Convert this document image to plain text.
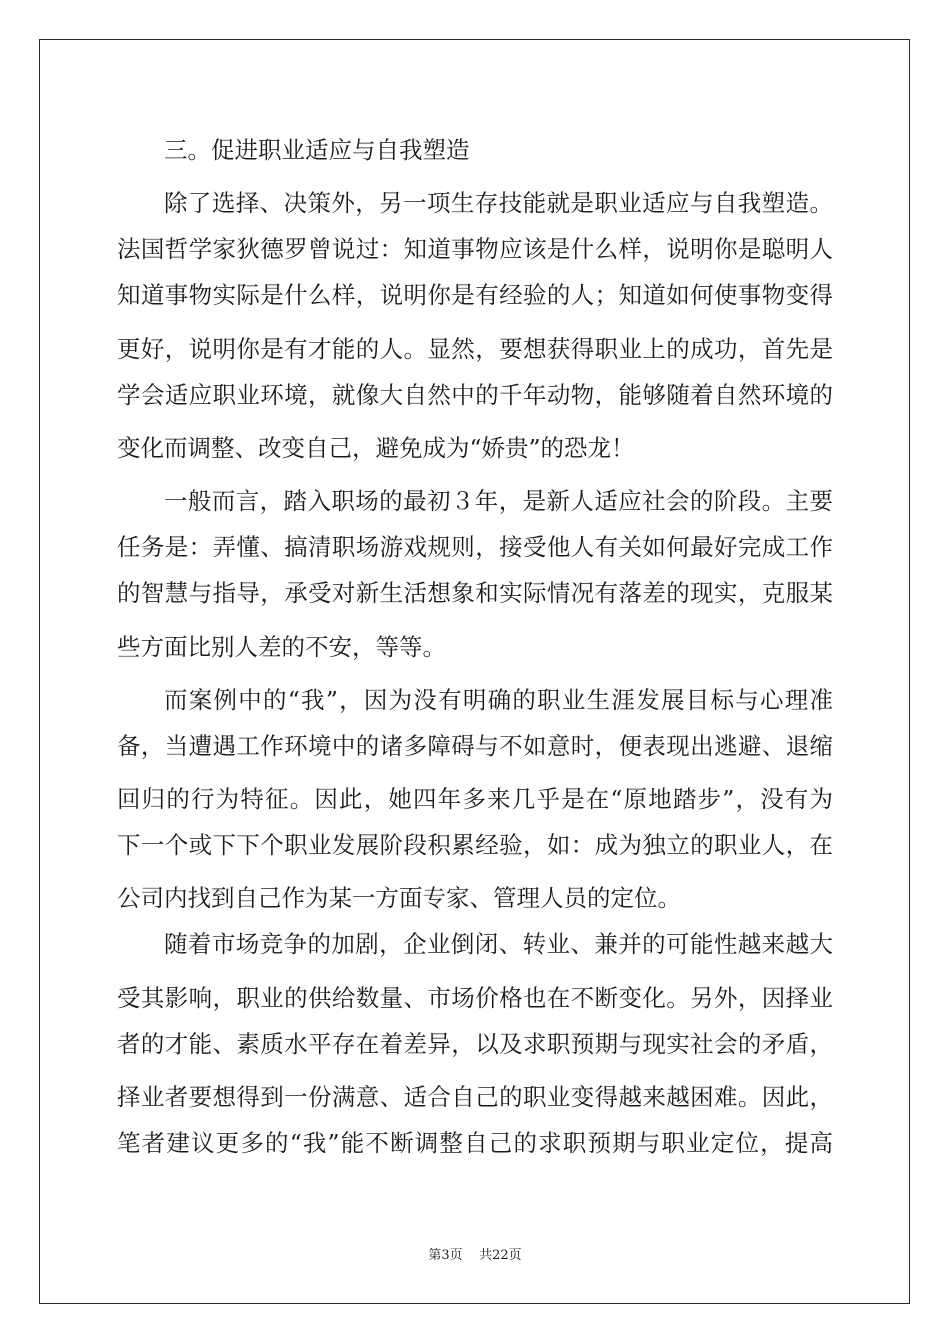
三。促进职业适应与自我塑造
除了选择、决策外，另一项生存技能就是职业适应与自我塑造。
法国哲学家狄德罗曾说过：知道事物应该是什么样，说明你是聪明人
知道事物实际是什么样，说明你是有经验的人；知道如何使事物变得
更好，说明你是有才能的人。显然，要想获得职业上的成功，首先是
学会适应职业环境，就像大自然中的千年动物，能够随着自然环境的
变化而调整、改变自己，避免成为“娇贵”的恐龙！
一般而言，踏入职场的最初３年，是新人适应社会的阶段。主要
任务是：弄懂、搞清职场游戏规则，接受他人有关如何最好完成工作
的智慧与指导，承受对新生活想象和实际情况有落差的现实，克服某
些方面比别人差的不安，等等。
而案例中的“我”，因为没有明确的职业生涯发展目标与心理准
备，当遭遇工作环境中的诸多障碍与不如意时，便表现出逃避、退缩
回归的行为特征。因此，她四年多来几乎是在“原地踏步”，没有为
下一个或下下个职业发展阶段积累经验，如：成为独立的职业人，在
公司内找到自己作为某一方面专家、管理人员的定位。
随着市场竞争的加剧，企业倒闭、转业、兼并的可能性越来越大
受其影响，职业的供给数量、市场价格也在不断变化。另外，因择业
者的才能、素质水平存在着差异，以及求职预期与现实社会的矛盾，
择业者要想得到一份满意、适合自己的职业变得越来越困难。因此，
笔者建议更多的“我”能不断调整自己的求职预期与职业定位，提高
第3页 共22页
